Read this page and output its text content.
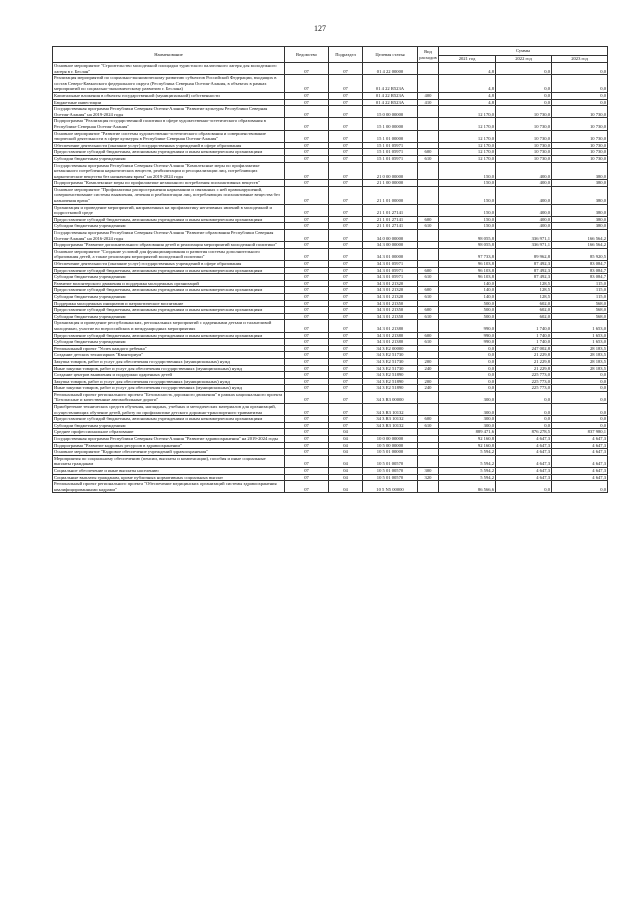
127
Наименование	Ведомство	Подраздел	Целевая статья	Вид расходов	Суммы		
					2021 год	2022 год	2023 год
Основное мероприятие "Строительство молодежной площадки туристского палаточного лагеря для молодежного лагеря в г. Беслан"	07	07	01 4 22 00000		4,8	0,0	0,0
Реализация мероприятий по социально-экономическому развитию субъектов Российской Федерации, входящих в состав Северо-Кавказского федерального округа (Республика Северная Осетия-Алания, в объектах в рамках мероприятий по социально-экономическому развитию г. Беслана)	07	07	01 4 22 R523A		4,8	0,0	0,0
Капитальные вложения в объекты государственной (муниципальной) собственности	07	07	01 4 22 R523A	400	4,8	0,0	0,0
Бюджетные инвестиции	07	07	01 4 22 R523A	410	4,8	0,0	0,0
Государственная программа Республики Северная Осетия-Алания "Развитие культуры Республики Северная Осетия-Алания" на 2019-2024 годы	07	07	15 0 00 00000		12 170,0	10 730,0	10 730,0
Подпрограмма "Реализация государственной политики в сфере художественно-эстетического образования в Республике Северная Осетия-Алания"	07	07	15 1 00 00000		12 170,0	10 730,0	10 730,0
Основное мероприятие "Развитие системы художественно-эстетического образования и совершенствование творческой деятельности в сфере культуры в Республике Северная Осетия-Алания"	07	07	15 1 01 00000		12 170,0	10 730,0	10 730,0
Обеспечение деятельности (оказание услуг) государственных учреждений в сфере образования	07	07	15 1 01 05971		12 170,0	10 730,0	10 730,0
Предоставление субсидий бюджетным, автономным учреждениям и иным некоммерческим организациям	07	07	15 1 01 05971	600	12 170,0	10 730,0	10 730,0
Субсидии бюджетным учреждениям	07	07	15 1 01 05971	610	12 170,0	10 730,0	10 730,0
Государственная программа Республики Северная Осетия-Алания "Комплексные меры по профилактике незаконного потребления наркотических веществ, реабилитации и ресоциализации лиц, потребляющих наркотические вещества без назначения врача" на 2019-2024 годы	07	07	21 0 00 00000		150,0	400,0	380,0
Подпрограмма "Комплексные меры по профилактике незаконного потребления психоактивных веществ"	07	07	21 1 00 00000		150,0	400,0	380,0
Основное мероприятие "Профилактика распространения наркомании и связанных с ней правонарушений, совершенствование системы выявления, лечения и реабилитации лиц, потребляющих психоактивные вещества без назначения врача"	07	07	21 1 01 00000		150,0	400,0	380,0
Организация и проведение мероприятий, направленных на профилактику негативных явлений в молодежной и подростковой среде	07	07	21 1 01 27141		150,0	400,0	380,0
Предоставление субсидий бюджетным, автономным учреждениям и иным некоммерческим организациям	07	07	21 1 01 27141	600	150,0	400,0	380,0
Субсидии бюджетным учреждениям	07	07	21 1 01 27141	610	150,0	400,0	380,0
Государственная программа Республики Северная Осетия-Алания "Развитие образования Республики Северная Осетия-Алания" на 2016-2024 годы	07	07	34 0 00 00000		98 055,8	336 971,1	166 564,2
Подпрограмма "Развитие дополнительного образования детей и реализация мероприятий молодежной политики"	07	07	34 3 00 00000		98 055,8	336 971,1	166 564,2
Основное мероприятие "Создание условий для функционирования и развития системы дополнительного образования детей, а также реализация мероприятий молодежной политики"	07	07	34 3 01 00000		97 733,8	89 962,8	85 920,5
Обеспечение деятельности (оказание услуг) государственных учреждений в сфере образования	07	07	34 3 01 05971		96 103,8	87 492,3	83 084,7
Предоставление субсидий бюджетным, автономным учреждениям и иным некоммерческим организациям	07	07	34 3 01 05971	600	96 103,8	87 492,3	83 084,7
Субсидии бюджетным учреждениям	07	07	34 3 01 05971	610	96 103,8	87 492,3	83 084,7
Развитие волонтерского движения и поддержка молодежных организаций	07	07	34 3 01 21320		140,0	128,5	115,0
Предоставление субсидий бюджетным, автономным учреждениям и иным некоммерческим организациям	07	07	34 3 01 21320	600	140,0	128,5	115,0
Субсидии бюджетным учреждениям	07	07	34 3 01 21320	610	140,0	128,5	115,0
Поддержка молодежных инициатив и патриотическое воспитание	07	07	34 3 01 21350		500,0	602,0	568,0
Предоставление субсидий бюджетным, автономным учреждениям и иным некоммерческим организациям	07	07	34 3 01 21350	600	500,0	602,0	568,0
Субсидии бюджетным учреждениям	07	07	34 3 01 21350	610	500,0	602,0	568,0
Организация и проведение республиканских, региональных мероприятий с одаренными детьми и талантливой молодежью, участие во всероссийских и международных мероприятиях	07	07	34 3 01 21380		990,0	1 740,0	1 653,0
Предоставление субсидий бюджетным, автономным учреждениям и иным некоммерческим организациям	07	07	34 3 01 21380	600	990,0	1 740,0	1 653,0
Субсидии бюджетным учреждениям	07	07	34 3 01 21380	610	990,0	1 740,0	1 653,0
Региональный проект "Успех каждого ребенка"	07	07	34 3 E2 00000		0,0	247 002,8	28 183,5
Создание детских технопарков "Кванториум"	07	07	34 3 E2 51730		0,0	21 229,8	28 183,5
Закупка товаров, работ и услуг для обеспечения государственных (муниципальных) нужд	07	07	34 3 E2 51730	200	0,0	21 229,8	28 183,5
Иные закупки товаров, работ и услуг для обеспечения государственных (муниципальных) нужд	07	07	34 3 E2 51730	240	0,0	21 229,8	28 183,5
Создание центров выявления и поддержки одаренных детей	07	07	34 3 E2 51890		0,0	225 773,0	0,0
Закупка товаров, работ и услуг для обеспечения государственных (муниципальных) нужд	07	07	34 3 E2 51890	200	0,0	225 773,0	0,0
Иные закупки товаров, работ и услуг для обеспечения государственных (муниципальных) нужд	07	07	34 3 E2 51890	240	0,0	225 773,0	0,0
Региональный проект регионального проекта "Безопасность дорожного движения" в рамках национального проекта "Безопасные и качественные автомобильные дороги"	07	07	34 3 R3 00000		300,0	0,0	0,0
Приобретение технических средств обучения, наглядных, учебных и методических материалов для организаций, осуществляющих обучение детей, работу по профилактике детского дорожно-транспортного травматизма	07	07	34 3 R3 10132		300,0	0,0	0,0
Предоставление субсидий бюджетным, автономным учреждениям и иным некоммерческим организациям	07	07	34 3 R3 10132	600	300,0	0,0	0,0
Субсидии бюджетным учреждениям	07	07	34 3 R3 10132	610	300,0	0,0	0,0
Среднее профессиональное образование	07	04			889 471,6	876 278,5	837 980,1
Государственная программа Республики Северная Осетия-Алания "Развитие здравоохранения" на 2019-2024 годы	07	04	10 0 00 00000		92 160,8	4 647,3	4 647,3
Подпрограмма "Развитие кадровых ресурсов в здравоохранении"	07	04	10 5 00 00000		92 160,8	4 647,3	4 647,3
Основное мероприятие "Кадровое обеспечение учреждений здравоохранения"	07	04	10 5 01 00000		5 594,2	4 647,3	4 647,3
Мероприятия по социальному обеспечению (пенсии, выплаты и компенсации), пособия и иные социальные выплаты гражданам	07	04	10 5 01 00570		5 594,2	4 647,3	4 647,3
Социальное обеспечение и иные выплаты населению	07	04	10 5 01 00570	300	5 594,2	4 647,3	4 647,3
Социальные выплаты гражданам, кроме публичных нормативных социальных выплат	07	04	10 5 01 00570	320	5 594,2	4 647,3	4 647,3
Региональный проект регионального проекта "Обеспечение медицинских организаций системы здравоохранения квалифицированными кадрами"	07	04	10 5 N5 00000		86 566,6	0,0	0,0
